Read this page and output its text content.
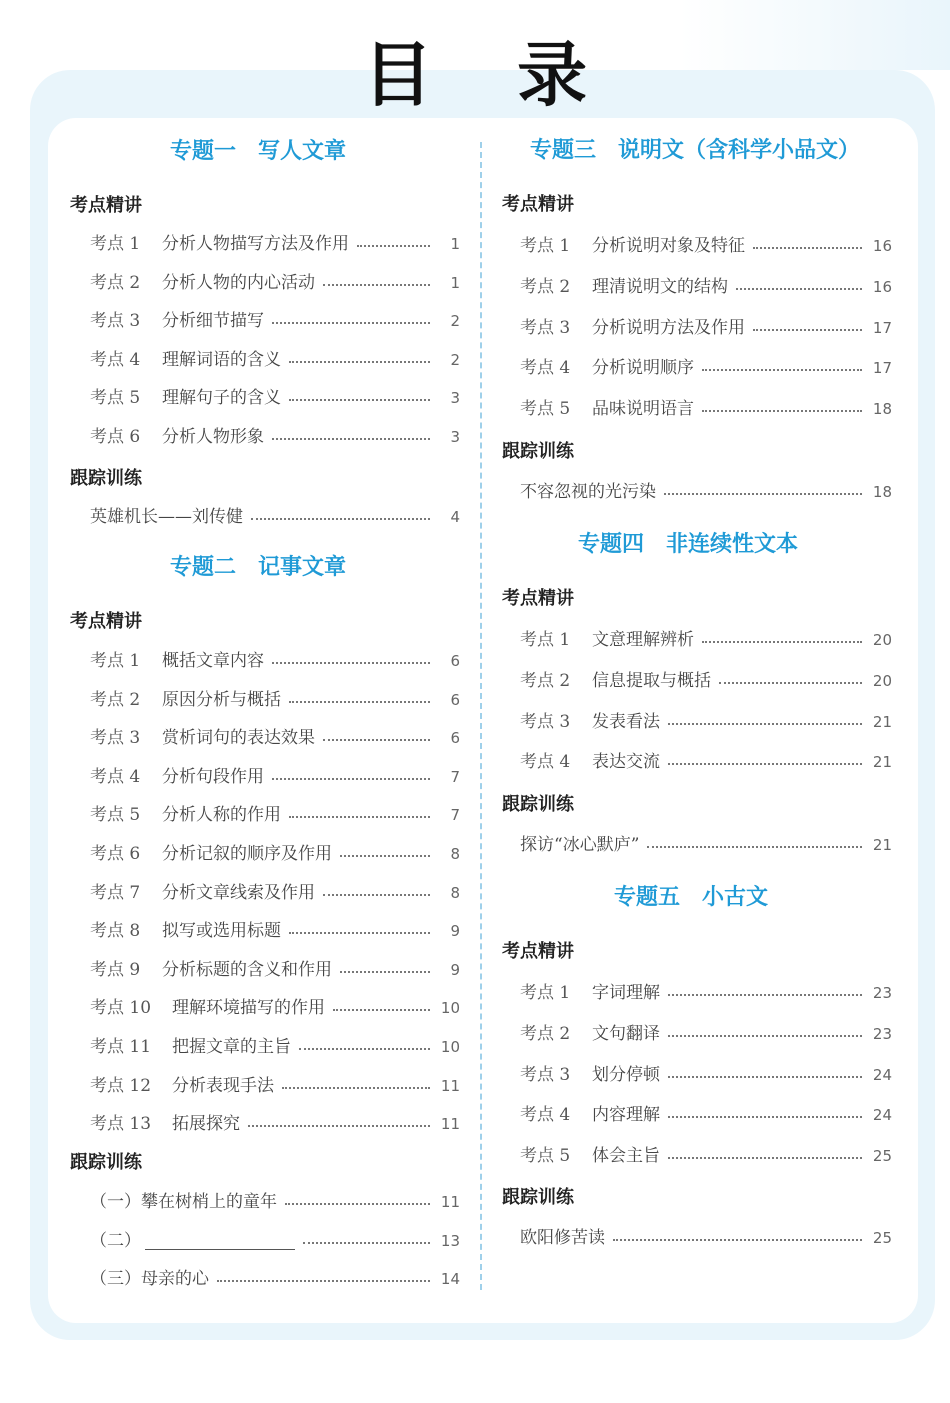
目 录
专题一 写人文章
考点精讲
考点 1	分析人物描写方法及作用	1
考点 2	分析人物的内心活动	1
考点 3	分析细节描写	2
考点 4	理解词语的含义	2
考点 5	理解句子的含义	3
考点 6	分析人物形象	3
跟踪训练
英雄机长——刘传健	4
专题二 记事文章
考点精讲
考点 1	概括文章内容	6
考点 2	原因分析与概括	6
考点 3	赏析词句的表达效果	6
考点 4	分析句段作用	7
考点 5	分析人称的作用	7
考点 6	分析记叙的顺序及作用	8
考点 7	分析文章线索及作用	8
考点 8	拟写或选用标题	9
考点 9	分析标题的含义和作用	9
考点 10	理解环境描写的作用	10
考点 11	把握文章的主旨	10
考点 12	分析表现手法	11
考点 13	拓展探究	11
跟踪训练
（一）攀在树梢上的童年	11
（二）	13
（三）母亲的心	14
专题三 说明文（含科学小品文）
考点精讲
考点 1	分析说明对象及特征	16
考点 2	理清说明文的结构	16
考点 3	分析说明方法及作用	17
考点 4	分析说明顺序	17
考点 5	品味说明语言	18
跟踪训练
不容忽视的光污染	18
专题四 非连续性文本
考点精讲
考点 1	文意理解辨析	20
考点 2	信息提取与概括	20
考点 3	发表看法	21
考点 4	表达交流	21
跟踪训练
探访“冰心默庐”	21
专题五 小古文
考点精讲
考点 1	字词理解	23
考点 2	文句翻译	23
考点 3	划分停顿	24
考点 4	内容理解	24
考点 5	体会主旨	25
跟踪训练
欧阳修苦读	25
